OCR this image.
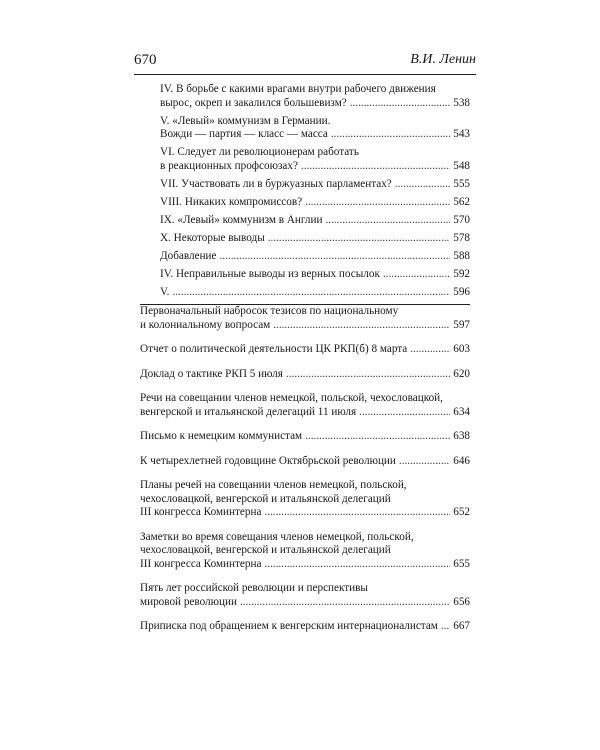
670	В.И. Ленин
IV. В борьбе с какими врагами внутри рабочего движения
вырос, окреп и закалился большевизм? . . .	538
V. «Левый» коммунизм в Германии.
Вожди — партия — класс — масса . . .	543
VI. Следует ли революционерам работать
в реакционных профсоюзах? . . .	548
VII. Участвовать ли в буржуазных парламентах? . . .	555
VIII. Никаких компромиссов? . . .	562
IX. «Левый» коммунизм в Англии . . .	570
X. Некоторые выводы . . .	578
Добавление . . .	588
IV. Неправильные выводы из верных посылок . . .	592
V. . . .	596
Первоначальный набросок тезисов по национальному
и колониальному вопросам . . .	597
Отчет о политической деятельности ЦК РКП(б) 8 марта . . .	603
Доклад о тактике РКП 5 июля . . .	620
Речи на совещании членов немецкой, польской, чехословацкой,
венгерской и итальянской делегаций 11 июля . . .	634
Письмо к немецким коммунистам . . .	638
К четырехлетней годовщине Октябрьской революции . . .	646
Планы речей на совещании членов немецкой, польской,
чехословацкой, венгерской и итальянской делегаций
III конгресса Коминтерна . . .	652
Заметки во время совещания членов немецкой, польской,
чехословацкой, венгерской и итальянской делегаций
III конгресса Коминтерна . . .	655
Пять лет российской революции и перспективы
мировой революции . . .	656
Приписка под обращением к венгерским интернационалистам . . . 667
